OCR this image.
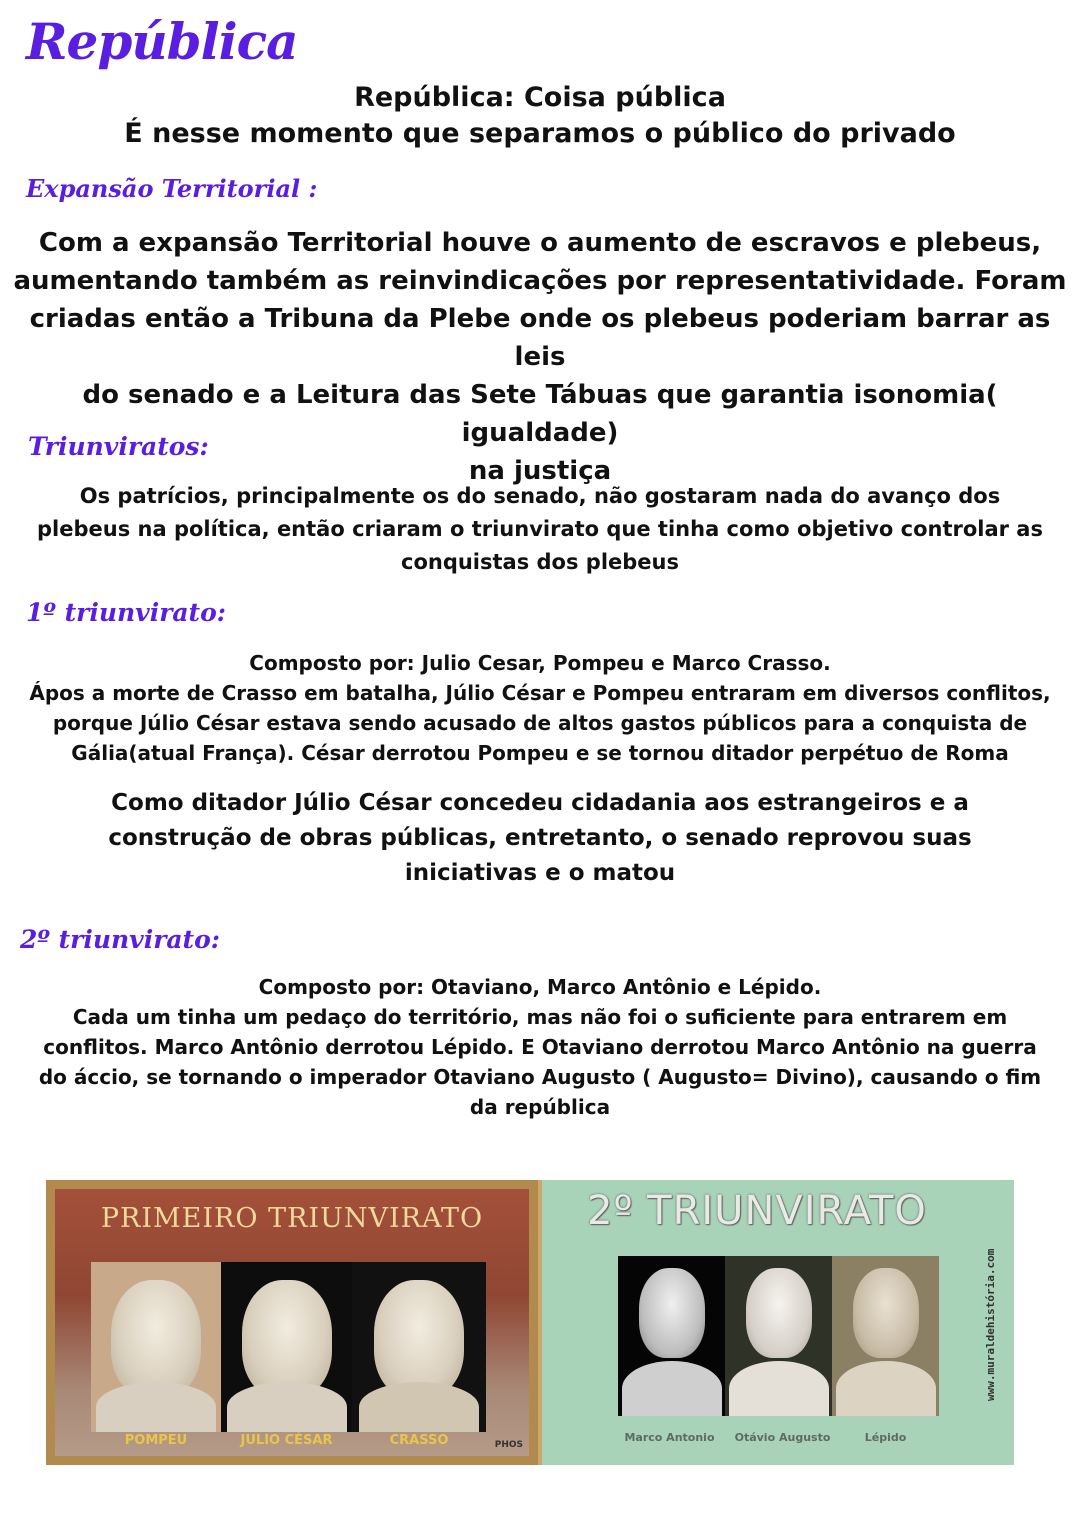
República
República: Coisa pública
É nesse momento que separamos o público do privado
Expansão Territorial :

Com a expansão Territorial houve o aumento de escravos e plebeus,

aumentando também as reinvindicações por representatividade. Foram

criadas então a Tribuna da Plebe onde os plebeus poderiam barrar as leis

do senado e a Leitura das Sete Tábuas que garantia isonomia( igualdade)

na justiça

Triunviratos:

Os patrícios, principalmente os do senado, não gostaram nada do avanço dos

plebeus na política, então criaram o triunvirato que tinha como objetivo controlar as

conquistas dos plebeus

1º triunvirato:

Composto por: Julio Cesar, Pompeu e Marco Crasso.

Ápos a morte de Crasso em batalha, Júlio César e Pompeu entraram em diversos conflitos,

porque Júlio César estava sendo acusado de altos gastos públicos para a conquista de

Gália(atual França). César derrotou Pompeu e se tornou ditador perpétuo de Roma

Como ditador Júlio César concedeu cidadania aos estrangeiros e a

construção de obras públicas, entretanto, o senado reprovou suas

iniciativas e o matou

2º triunvirato:

Composto por: Otaviano, Marco Antônio e Lépido.

Cada um tinha um pedaço do território, mas não foi o suficiente para entrarem em

conflitos. Marco Antônio derrotou Lépido. E Otaviano derrotou Marco Antônio na guerra

do áccio, se tornando o imperador Otaviano Augusto ( Augusto= Divino), causando o fim

da república

PRIMEIRO TRIUNVIRATO
POMPEU	JULIO CÉSAR	CRASSO	PHOS
2º TRIUNVIRATO
Marco Antonio	Otávio Augusto	Lépido
www.muraldehistória.com
